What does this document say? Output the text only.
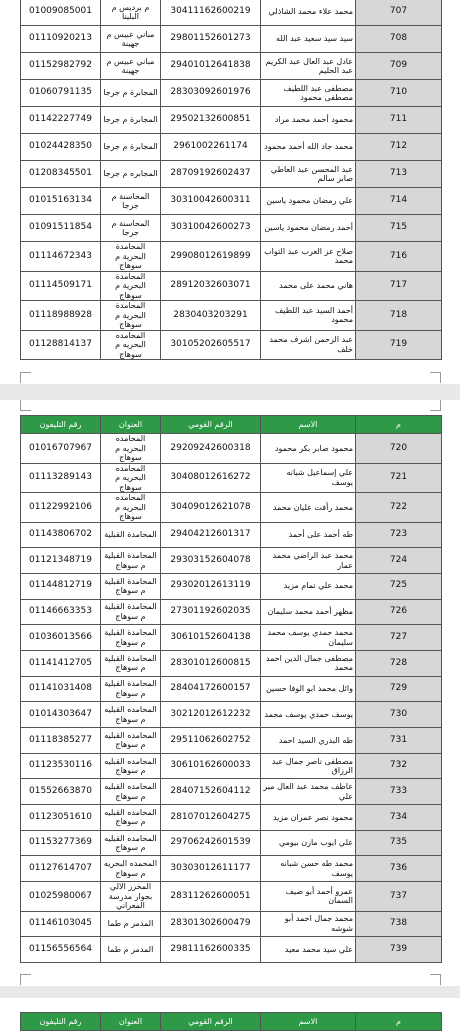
707	محمد علاء محمد الشاذلي	30411162600219	م برديس م البلينا	01009085001
708	سيد سيد سعيد عبد الله	29801152601273	مباني عبيس م جهينة	01110920213
709	عادل عبد العال عبد الكريم عبد الحليم	29401012641838	مباني عبيس م جهينة	01152982792
710	مصطفى عبد اللطيف مصطفى محمود	28303092601976	المجابرة م جرجا	01060791135
711	محمود أحمد محمد مراد	29502132600851	المجابرة م جرجا	01142227749
712	محمد جاد الله أحمد محمود	2961002261174	المجابرة م جرجا	01024428350
713	عبد المحسن عبد العاطي صابر سالم	28709192602437	المجابره م جرجا	01208345501
714	علي رمضان محمود ياسين	30310042600311	المحاسنة م جرجا	01015163134
715	أحمد رمضان محمود ياسين	30310042600273	المحاسنة م جرجا	01091511854
716	صلاح عز العرب عبد التواب محمد	29908012619899	المحامدة البحرية م سوهاج	01114672343
717	هاني محمد على محمد	28912032603071	المحامدة البحرية م سوهاج	01114509171
718	أحمد السيد عبد اللطيف محمود	2830403203291	المحامدة البحرية م سوهاج	01118988928
719	عبد الرحمن اشرف محمد خلف	30105202605517	المحامده البحريه م سوهاج	01128814137
م	الاسم	الرقم القومي	العنوان	رقم التليفون
720	محمود صابر بكر محمود	29209242600318	المحامده البحريه م سوهاج	01016707967
721	علي إسماعيل شبانه يوسف	30408012616272	المحامده البحريه م سوهاج	01113289143
722	محمد رأفت عليان محمد	30409012621078	المحامده البحريه م سوهاج	01122992106
723	طه أحمد على أحمد	29404212601317	المحامدة القبلية	01143806702
724	محمد عبد الراضي محمد عمار	29303152604078	المحامدة القبلية م سوهاج	01121348719
725	محمد علي تمام مزيد	29302012613119	المحامدة القبلية م سوهاج	01144812719
726	مظهر أحمد محمد سليمان	27301192602035	المحامدة القبلية م سوهاج	01146663353
727	محمد حمدي يوسف محمد سليمان	30610152604138	المحامدة القبلية م سوهاج	01036013566
728	مصطفى جمال الدين احمد محمد	28301012600815	المحامدة القبلية م سوهاج	01141412705
729	وائل محمد ابو الوفا حسين	28404172600157	المحامدة القبلية م سوهاج	01141031408
730	يوسف حمدي يوسف محمد	30212012612232	المحامده القبليه م سوهاج	01014303647
731	طه البدري السيد احمد	29511062602752	المحامده القبليه م سوهاج	01118385277
732	مصطفى ناصر جمال عبد الرزاق	30610162600033	المحامده القبليه م سوهاج	01123530116
733	عاطف محمد عبد العال مير علي	28407152604112	المحامده القبليه م سوهاج	01552663870
734	محمود نصر عمران مزيد	28107012604275	المحامده القبليه م سوهاج	01123051610
735	علي ايوب مازن بيومي	29706242601539	المحامده القبليه م سوهاج	01153277369
736	محمد طه حسن شبانه يوسف	30303012611177	المحمده البحريه م سوهاج	01127614707
737	عمرو أحمد أبو ضيف السمان	28311262600051	المخزز الالي بجوار مدرسة المعراني	01025980067
738	محمد جمال احمد أبو شوشه	28301302600479	المدمر م طما	01146103045
739	علي سيد محمد معيد	29811162600335	المدمر م طما	01156556564
م	الاسم	الرقم القومي	العنوان	رقم التليفون
